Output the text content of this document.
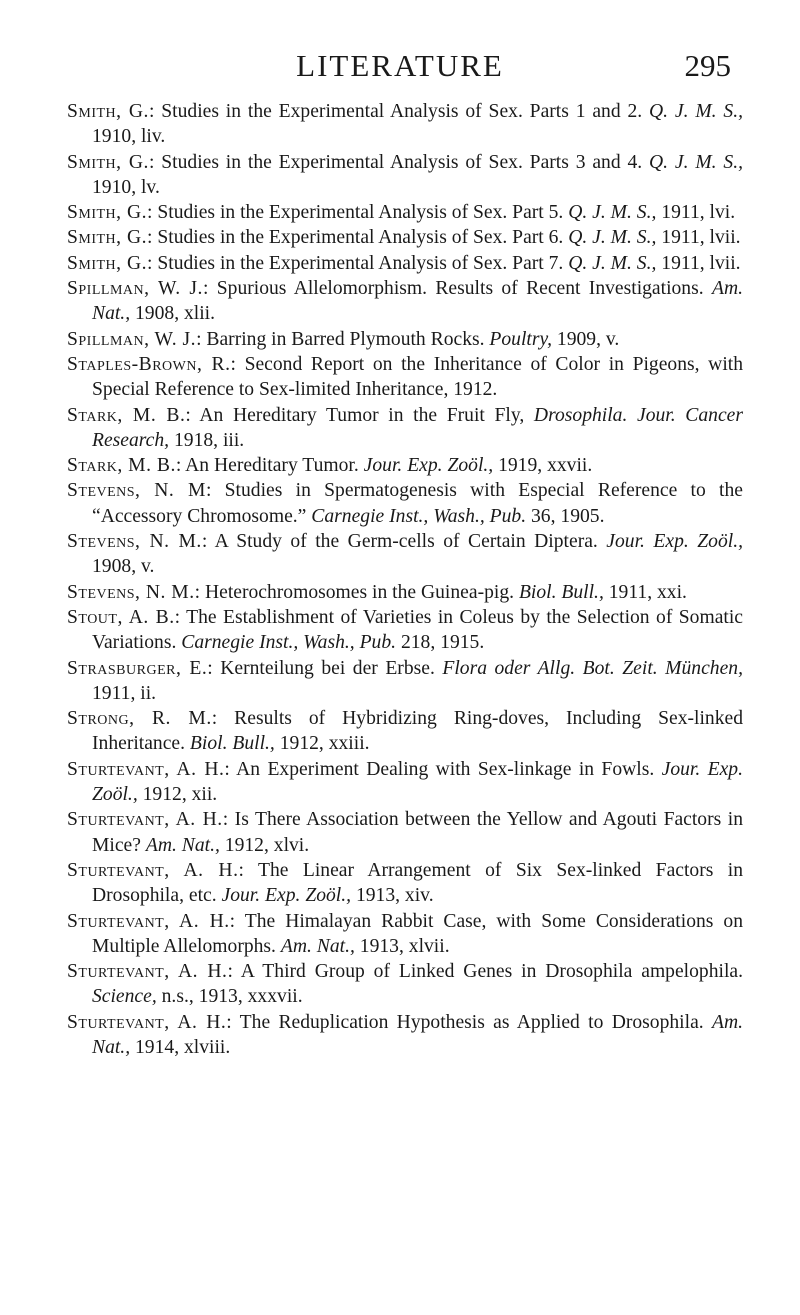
LITERATURE	295

Smith, G.: Studies in the Experimental Analysis of Sex. Parts 1 and 2. Q. J. M. S., 1910, liv.

Smith, G.: Studies in the Experimental Analysis of Sex. Parts 3 and 4. Q. J. M. S., 1910, lv.

Smith, G.: Studies in the Experimental Analysis of Sex. Part 5. Q. J. M. S., 1911, lvi.

Smith, G.: Studies in the Experimental Analysis of Sex. Part 6. Q. J. M. S., 1911, lvii.

Smith, G.: Studies in the Experimental Analysis of Sex. Part 7. Q. J. M. S., 1911, lvii.

Spillman, W. J.: Spurious Allelomorphism. Results of Recent Investigations. Am. Nat., 1908, xlii.

Spillman, W. J.: Barring in Barred Plymouth Rocks. Poultry, 1909, v.

Staples-Brown, R.: Second Report on the Inheritance of Color in Pigeons, with Special Reference to Sex-limited Inheritance, 1912.

Stark, M. B.: An Hereditary Tumor in the Fruit Fly, Drosophila. Jour. Cancer Research, 1918, iii.

Stark, M. B.: An Hereditary Tumor. Jour. Exp. Zoöl., 1919, xxvii.

Stevens, N. M: Studies in Spermatogenesis with Especial Reference to the “Accessory Chromosome.” Carnegie Inst., Wash., Pub. 36, 1905.

Stevens, N. M.: A Study of the Germ-cells of Certain Diptera. Jour. Exp. Zoöl., 1908, v.

Stevens, N. M.: Heterochromosomes in the Guinea-pig. Biol. Bull., 1911, xxi.

Stout, A. B.: The Establishment of Varieties in Coleus by the Selection of Somatic Variations. Carnegie Inst., Wash., Pub. 218, 1915.

Strasburger, E.: Kernteilung bei der Erbse. Flora oder Allg. Bot. Zeit. München, 1911, ii.

Strong, R. M.: Results of Hybridizing Ring-doves, Including Sex-linked Inheritance. Biol. Bull., 1912, xxiii.

Sturtevant, A. H.: An Experiment Dealing with Sex-linkage in Fowls. Jour. Exp. Zoöl., 1912, xii.

Sturtevant, A. H.: Is There Association between the Yellow and Agouti Factors in Mice? Am. Nat., 1912, xlvi.

Sturtevant, A. H.: The Linear Arrangement of Six Sex-linked Factors in Drosophila, etc. Jour. Exp. Zoöl., 1913, xiv.

Sturtevant, A. H.: The Himalayan Rabbit Case, with Some Considerations on Multiple Allelomorphs. Am. Nat., 1913, xlvii.

Sturtevant, A. H.: A Third Group of Linked Genes in Drosophila ampelophila. Science, n.s., 1913, xxxvii.

Sturtevant, A. H.: The Reduplication Hypothesis as Applied to Drosophila. Am. Nat., 1914, xlviii.
